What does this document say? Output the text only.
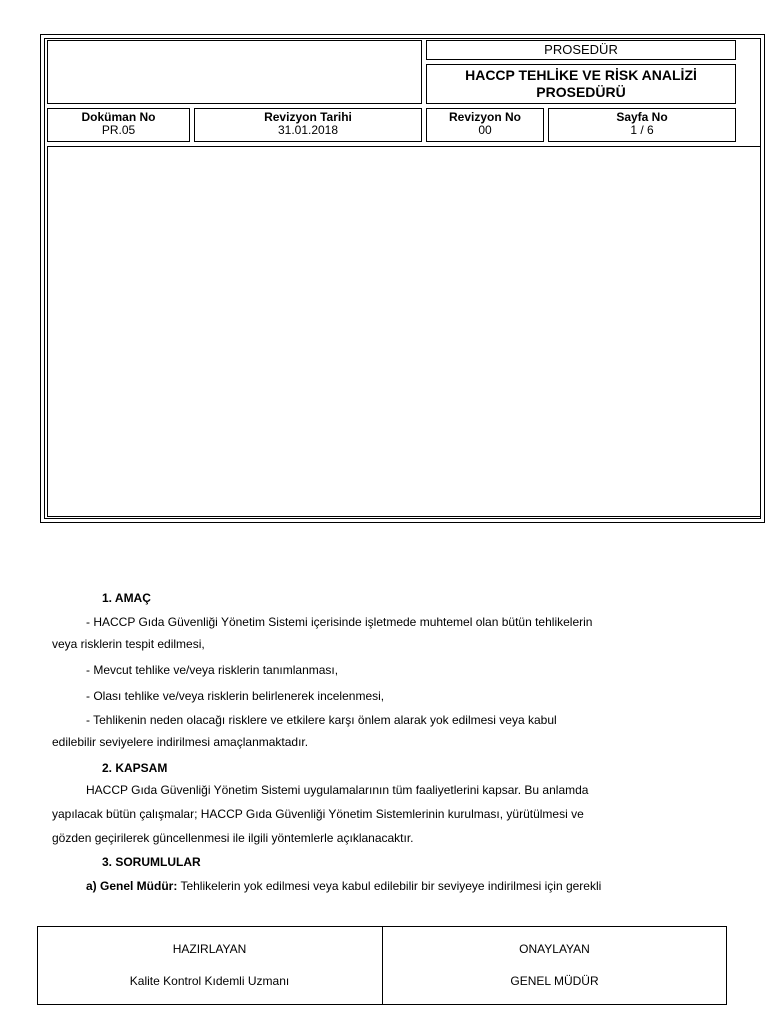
PROSEDÜR
HACCP TEHLİKE VE RİSK ANALİZİ
PROSEDÜRÜ
Doküman No
PR.05
Revizyon Tarihi
31.01.2018
Revizyon No
00
Sayfa No
1 / 6
1. AMAÇ
- HACCP Gıda Güvenliği Yönetim Sistemi içerisinde işletmede muhtemel olan bütün tehlikelerin
veya risklerin tespit edilmesi,
- Mevcut tehlike ve/veya risklerin tanımlanması,
- Olası tehlike ve/veya risklerin belirlenerek incelenmesi,
- Tehlikenin neden olacağı risklere ve etkilere karşı önlem alarak yok edilmesi veya kabul
edilebilir seviyelere indirilmesi amaçlanmaktadır.
2. KAPSAM
HACCP Gıda Güvenliği Yönetim Sistemi uygulamalarının tüm faaliyetlerini kapsar. Bu anlamda
yapılacak bütün çalışmalar; HACCP Gıda Güvenliği Yönetim Sistemlerinin kurulması, yürütülmesi ve
gözden geçirilerek güncellenmesi ile ilgili yöntemlerle açıklanacaktır.
3. SORUMLULAR
a) Genel Müdür: Tehlikelerin yok edilmesi veya kabul edilebilir bir seviyeye indirilmesi için gerekli
HAZIRLAYAN
Kalite Kontrol Kıdemli Uzmanı
ONAYLAYAN
GENEL MÜDÜR
